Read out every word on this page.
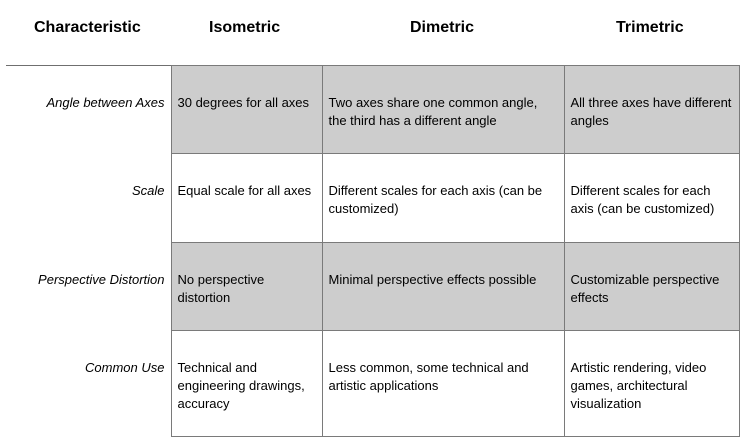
Characteristic	Isometric	Dimetric	Trimetric
Angle between Axes	30 degrees for all axes	Two axes share one common angle, the third has a different angle	All three axes have different angles
Scale	Equal scale for all axes	Different scales for each axis (can be customized)	Different scales for each axis (can be customized)
Perspective Distortion	No perspective distortion	Minimal perspective effects possible	Customizable perspective effects
Common Use	Technical and engineering drawings, accuracy	Less common, some technical and artistic applications	Artistic rendering, video games, architectural visualization
